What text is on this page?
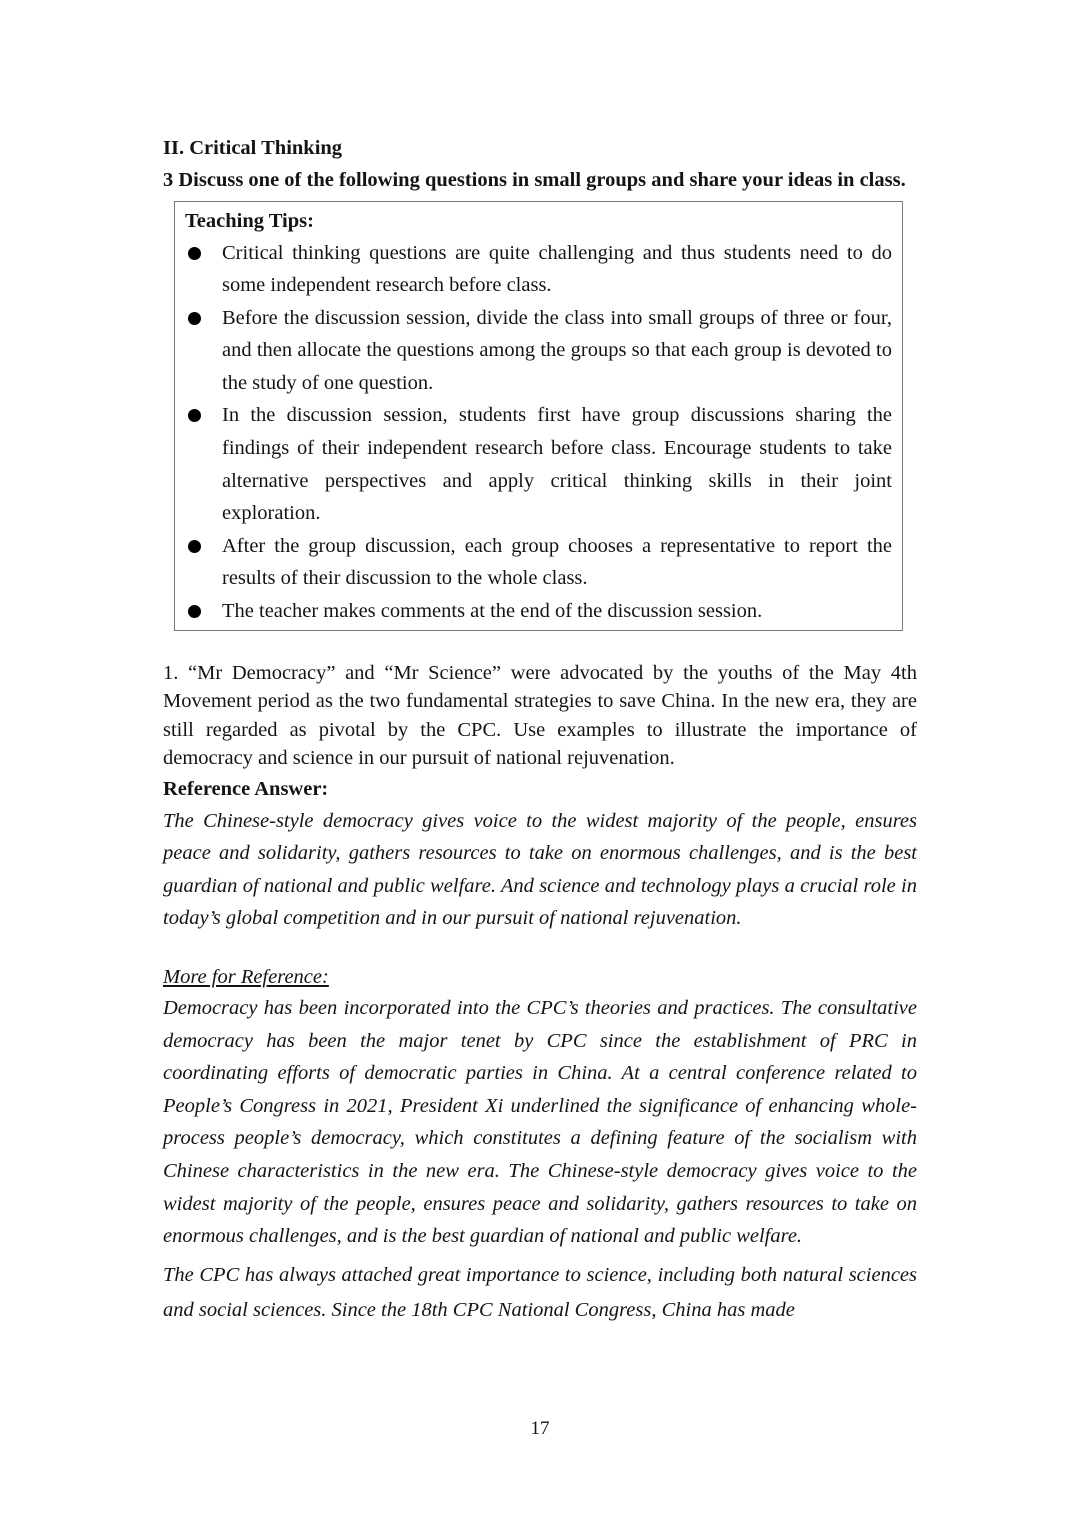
II. Critical Thinking

3 Discuss one of the following questions in small groups and share your ideas in class.

Teaching Tips:

Critical thinking questions are quite challenging and thus students need to do some independent research before class.
Before the discussion session, divide the class into small groups of three or four, and then allocate the questions among the groups so that each group is devoted to the study of one question.
In the discussion session, students first have group discussions sharing the findings of their independent research before class. Encourage students to take alternative perspectives and apply critical thinking skills in their joint exploration.
After the group discussion, each group chooses a representative to report the results of their discussion to the whole class.
The teacher makes comments at the end of the discussion session.

1. “Mr Democracy” and “Mr Science” were advocated by the youths of the May 4th Movement period as the two fundamental strategies to save China. In the new era, they are still regarded as pivotal by the CPC. Use examples to illustrate the importance of democracy and science in our pursuit of national rejuvenation.

Reference Answer:

The Chinese-style democracy gives voice to the widest majority of the people, ensures peace and solidarity, gathers resources to take on enormous challenges, and is the best guardian of national and public welfare. And science and technology plays a crucial role in today’s global competition and in our pursuit of national rejuvenation.

More for Reference:

Democracy has been incorporated into the CPC’s theories and practices. The consultative democracy has been the major tenet by CPC since the establishment of PRC in coordinating efforts of democratic parties in China. At a central conference related to People’s Congress in 2021, President Xi underlined the significance of enhancing whole-process people’s democracy, which constitutes a defining feature of the socialism with Chinese characteristics in the new era. The Chinese-style democracy gives voice to the widest majority of the people, ensures peace and solidarity, gathers resources to take on enormous challenges, and is the best guardian of national and public welfare.

The CPC has always attached great importance to science, including both natural sciences and social sciences. Since the 18th CPC National Congress, China has made

17
